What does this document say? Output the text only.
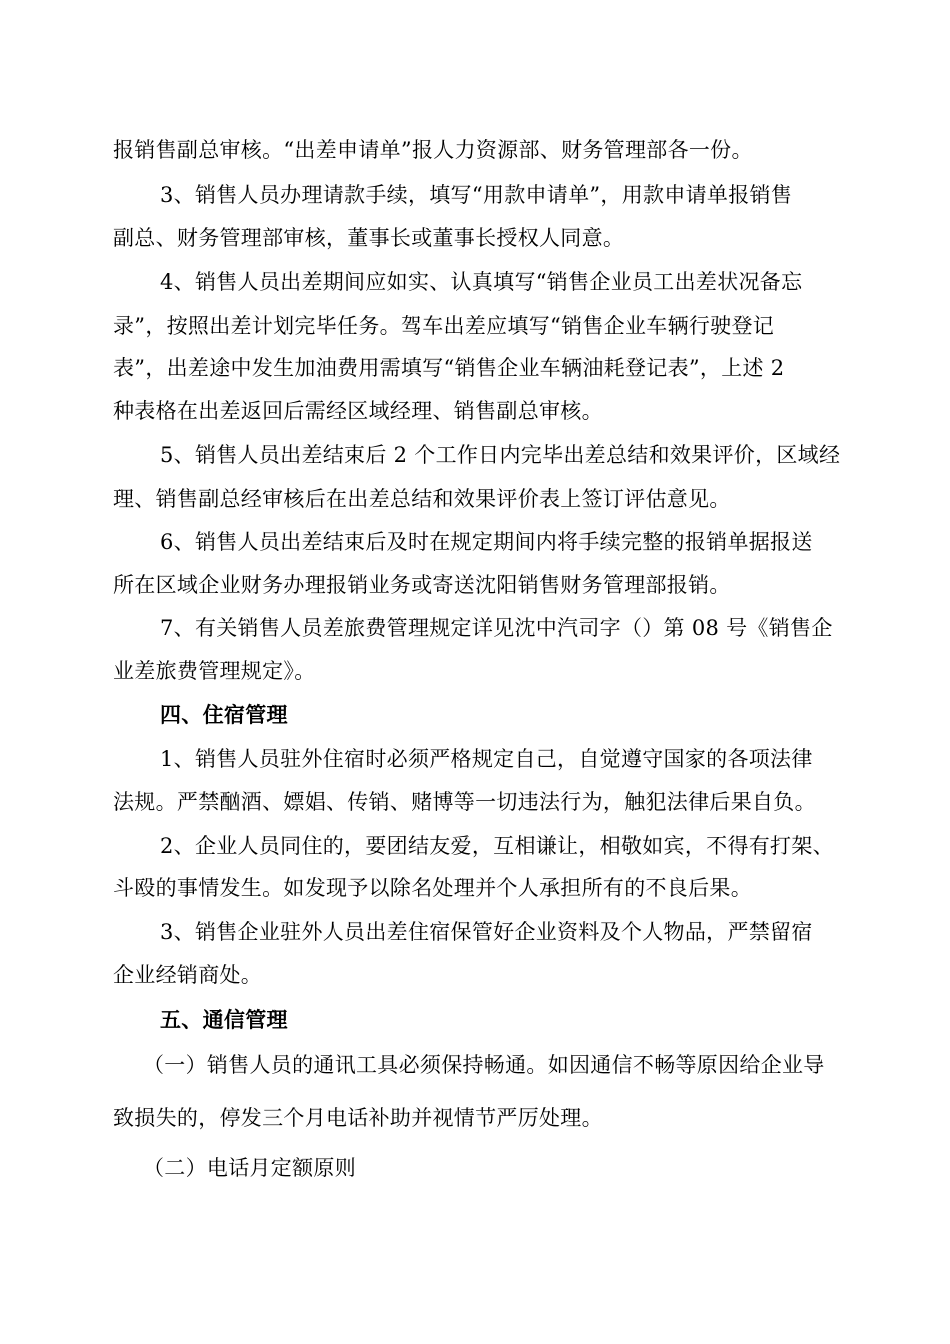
报销售副总审核。“出差申请单”报人力资源部、财务管理部各一份。
3、销售人员办理请款手续，填写“用款申请单”，用款申请单报销售
副总、财务管理部审核，董事长或董事长授权人同意。
4、销售人员出差期间应如实、认真填写“销售企业员工出差状况备忘
录”，按照出差计划完毕任务。驾车出差应填写“销售企业车辆行驶登记
表”，出差途中发生加油费用需填写“销售企业车辆油耗登记表”，上述 2
种表格在出差返回后需经区域经理、销售副总审核。
5、销售人员出差结束后 2 个工作日内完毕出差总结和效果评价，区域经
理、销售副总经审核后在出差总结和效果评价表上签订评估意见。
6、销售人员出差结束后及时在规定期间内将手续完整的报销单据报送
所在区域企业财务办理报销业务或寄送沈阳销售财务管理部报销。
7、有关销售人员差旅费管理规定详见沈中汽司字（）第 08 号《销售企
业差旅费管理规定》。
四、住宿管理
1、销售人员驻外住宿时必须严格规定自己，自觉遵守国家的各项法律
法规。严禁酗酒、嫖娼、传销、赌博等一切违法行为，触犯法律后果自负。
2、企业人员同住的，要团结友爱，互相谦让，相敬如宾，不得有打架、
斗殴的事情发生。如发现予以除名处理并个人承担所有的不良后果。
3、销售企业驻外人员出差住宿保管好企业资料及个人物品，严禁留宿
企业经销商处。
五、通信管理
（一）销售人员的通讯工具必须保持畅通。如因通信不畅等原因给企业导
致损失的，停发三个月电话补助并视情节严厉处理。
（二）电话月定额原则
